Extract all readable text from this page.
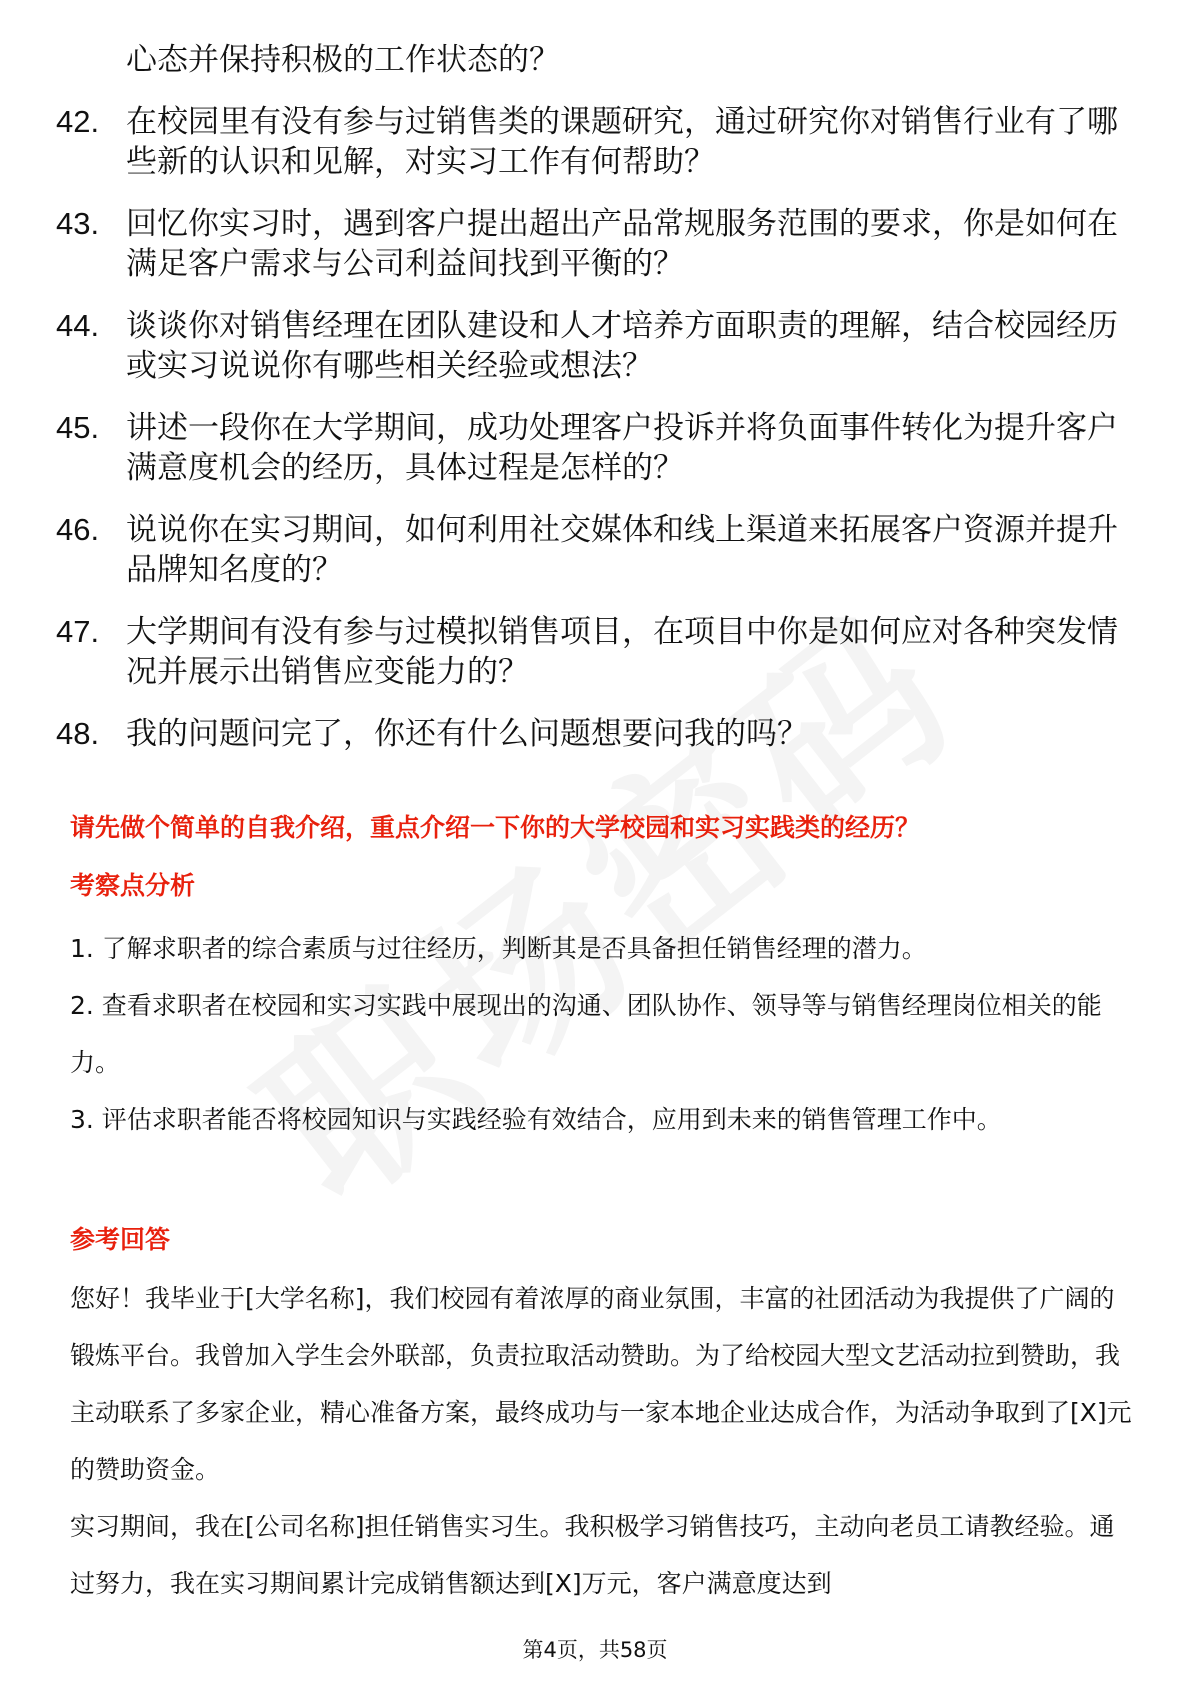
心态并保持积极的工作状态的？
42. 在校园里有没有参与过销售类的课题研究，通过研究你对销售行业有了哪些新的认识和见解，对实习工作有何帮助？
43. 回忆你实习时，遇到客户提出超出产品常规服务范围的要求，你是如何在满足客户需求与公司利益间找到平衡的？
44. 谈谈你对销售经理在团队建设和人才培养方面职责的理解，结合校园经历或实习说说你有哪些相关经验或想法？
45. 讲述一段你在大学期间，成功处理客户投诉并将负面事件转化为提升客户满意度机会的经历，具体过程是怎样的？
46. 说说你在实习期间，如何利用社交媒体和线上渠道来拓展客户资源并提升品牌知名度的？
47. 大学期间有没有参与过模拟销售项目，在项目中你是如何应对各种突发情况并展示出销售应变能力的？
48. 我的问题问完了，你还有什么问题想要问我的吗？
请先做个简单的自我介绍，重点介绍一下你的大学校园和实习实践类的经历？
考察点分析
1. 了解求职者的综合素质与过往经历，判断其是否具备担任销售经理的潜力。
2. 查看求职者在校园和实习实践中展现出的沟通、团队协作、领导等与销售经理岗位相关的能力。
3. 评估求职者能否将校园知识与实践经验有效结合，应用到未来的销售管理工作中。
参考回答

您好！我毕业于[大学名称]，我们校园有着浓厚的商业氛围，丰富的社团活动为我提供了广阔的锻炼平台。我曾加入学生会外联部，负责拉取活动赞助。为了给校园大型文艺活动拉到赞助，我主动联系了多家企业，精心准备方案，最终成功与一家本地企业达成合作，为活动争取到了[X]元的赞助资金。

实习期间，我在[公司名称]担任销售实习生。我积极学习销售技巧，主动向老员工请教经验。通过努力，我在实习期间累计完成销售额达到[X]万元，客户满意度达到

第4页，共58页
